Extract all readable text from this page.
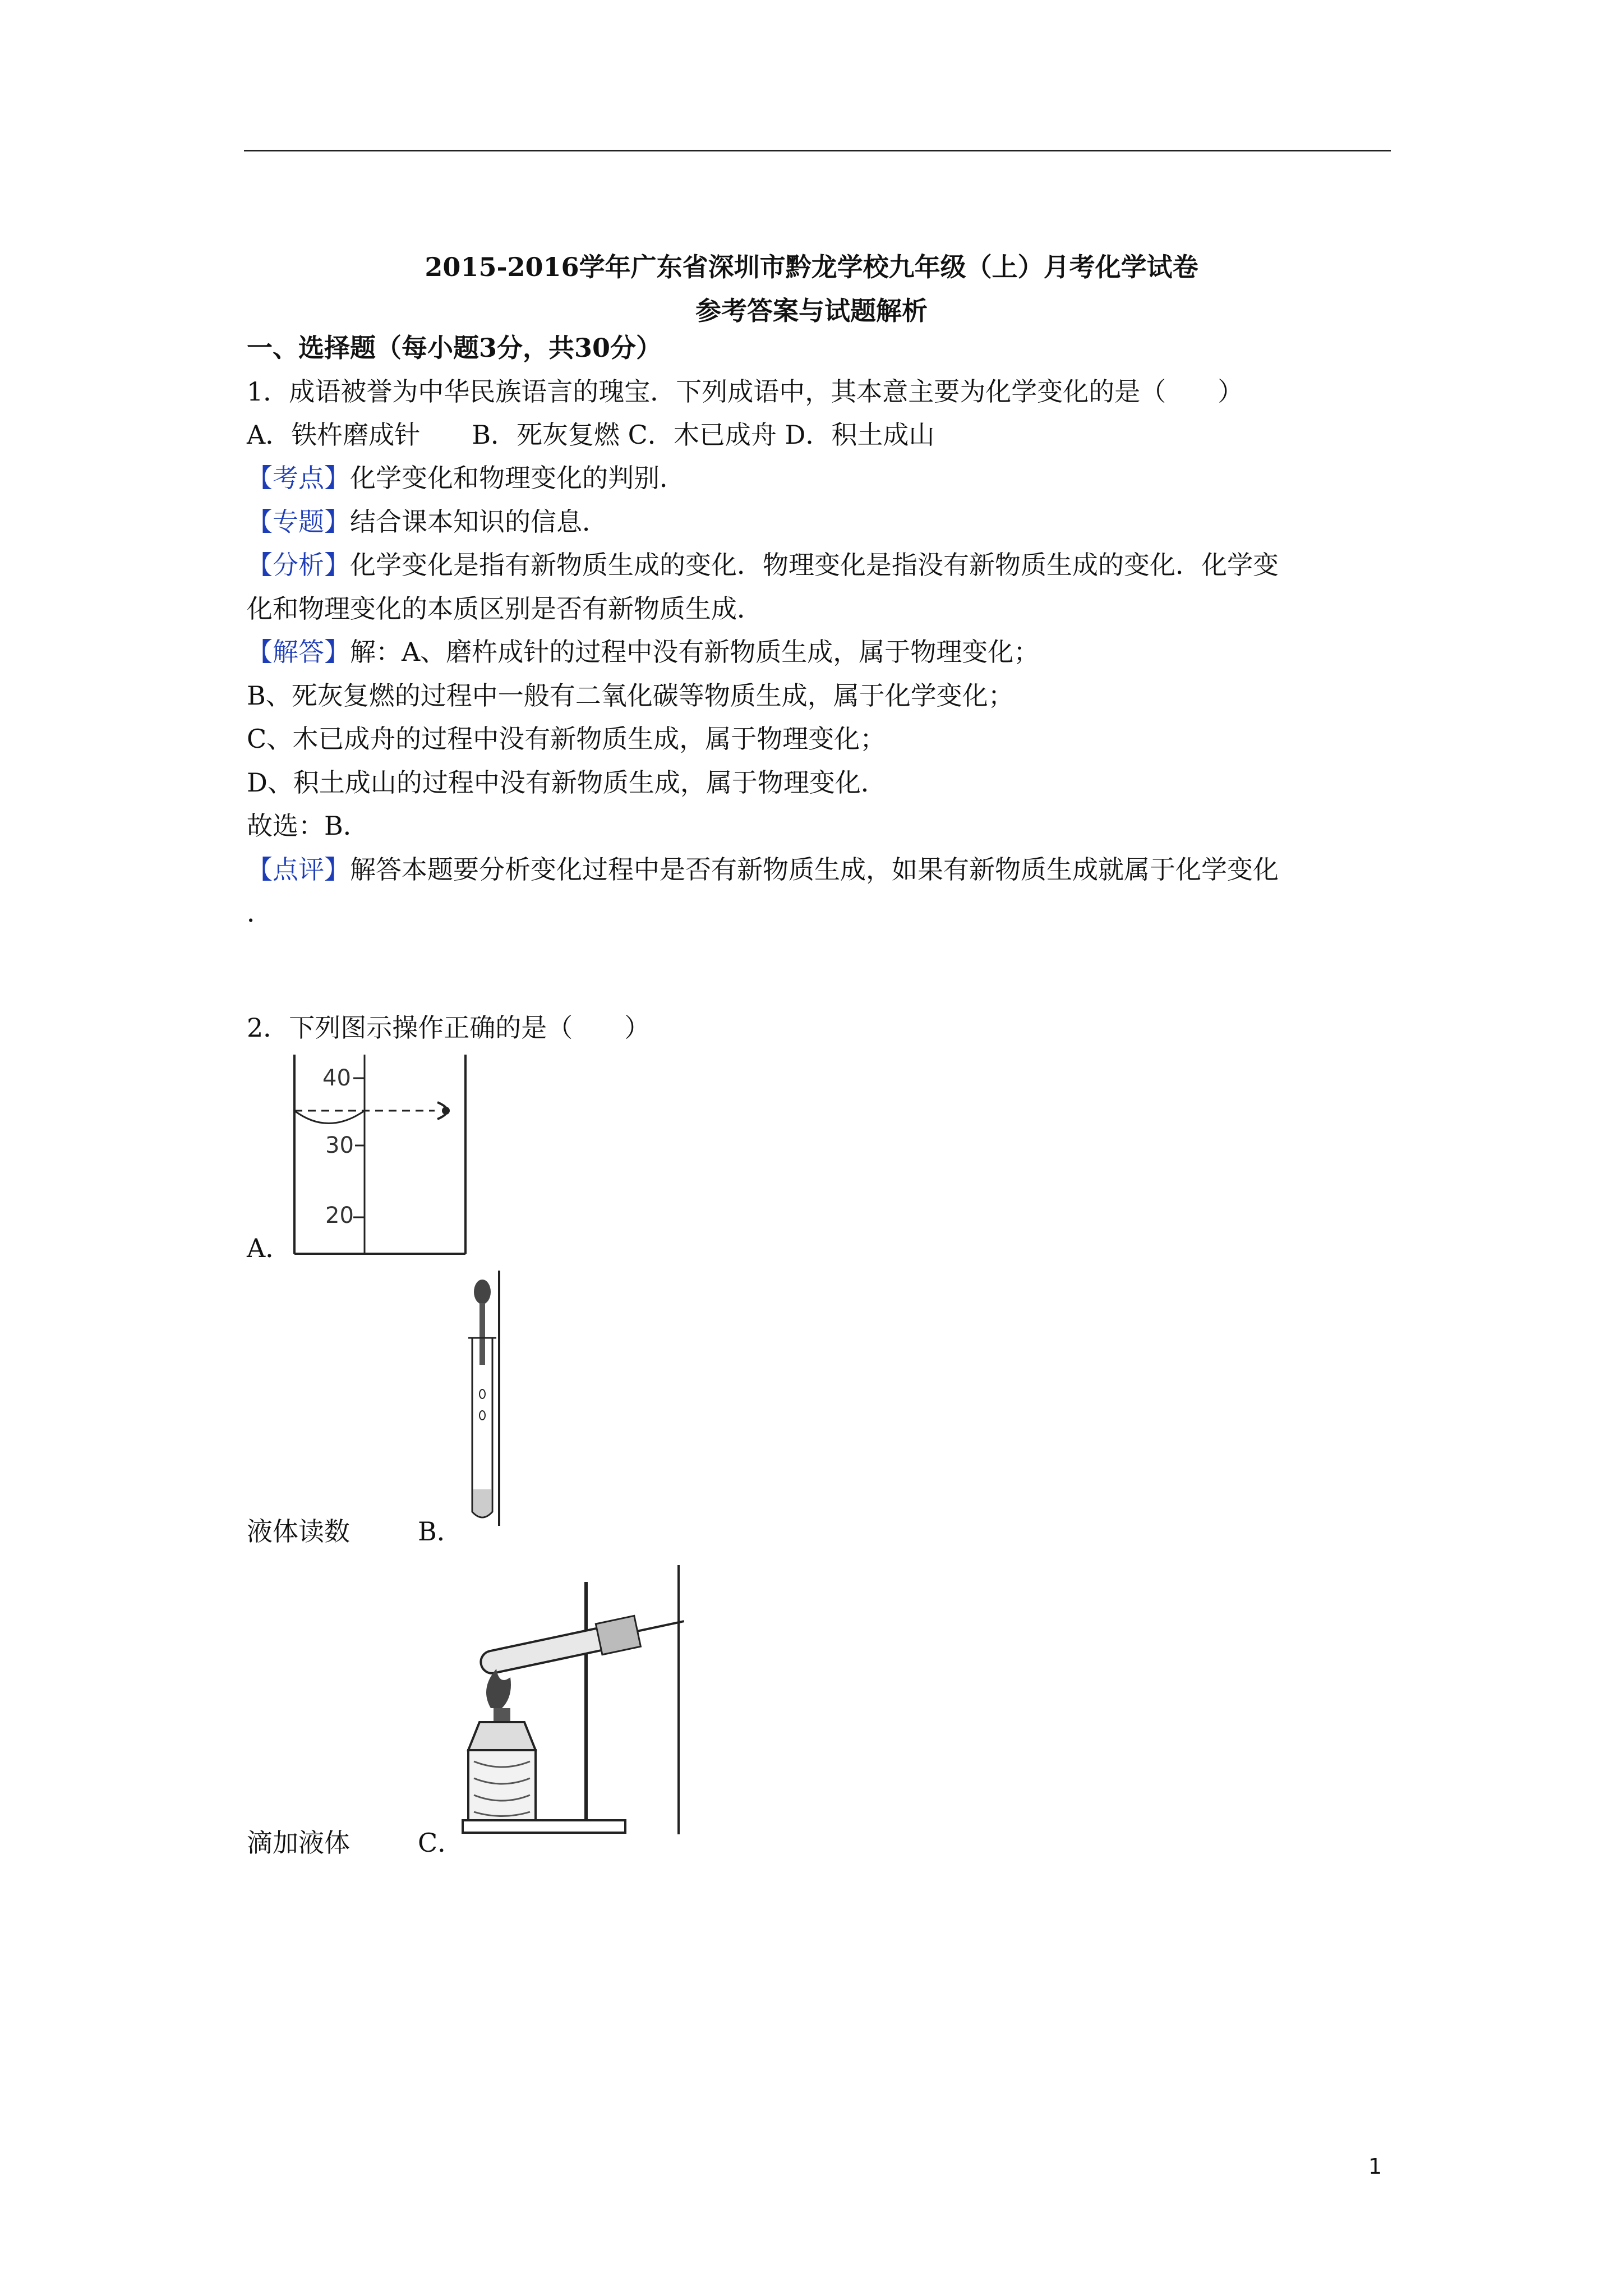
2015-2016学年广东省深圳市黔龙学校九年级（上）月考化学试卷
参考答案与试题解析
一、选择题（每小题3分，共30分）
1．成语被誉为中华民族语言的瑰宝．下列成语中，其本意主要为化学变化的是（　　）
A．铁杵磨成针　　B．死灰复燃 C．木已成舟 D．积土成山
【考点】化学变化和物理变化的判别．
【专题】结合课本知识的信息．
【分析】化学变化是指有新物质生成的变化．物理变化是指没有新物质生成的变化．化学变
化和物理变化的本质区别是否有新物质生成．
【解答】解：A、磨杵成针的过程中没有新物质生成，属于物理变化；
B、死灰复燃的过程中一般有二氧化碳等物质生成，属于化学变化；
C、木已成舟的过程中没有新物质生成，属于物理变化；
D、积土成山的过程中没有新物质生成，属于物理变化．
故选：B．
【点评】解答本题要分析变化过程中是否有新物质生成，如果有新物质生成就属于化学变化
．
2．下列图示操作正确的是（　　）
40
30
20
A．
液体读数	B．
滴加液体	C．
1
